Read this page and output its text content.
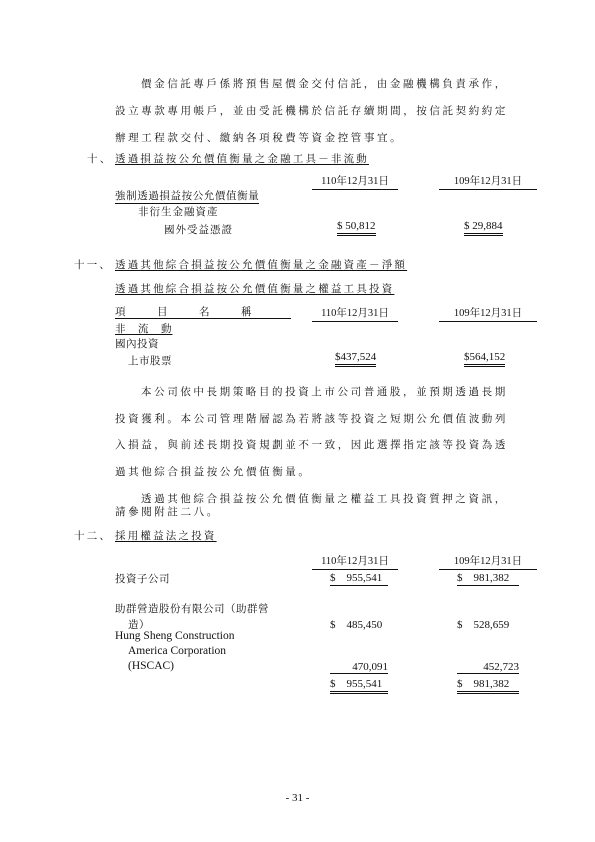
價金信託專戶係將預售屋價金交付信託，由金融機構負責承作，
設立專款專用帳戶，並由受託機構於信託存續期間，按信託契約約定
辦理工程款交付、繳納各項稅費等資金控管事宜。
十、 透過損益按公允價值衡量之金融工具－非流動
110年12月31日	109年12月31日
強制透過損益按公允價值衡量
非衍生金融資產
國外受益憑證	$ 50,812	$ 29,884
十一、 透過其他綜合損益按公允價值衡量之金融資產－淨額
透過其他綜合損益按公允價值衡量之權益工具投資
項　　　目　　　名　　　稱	110年12月31日	109年12月31日
非　流　動
國內投資
上市股票	$437,524	$564,152
本公司依中長期策略目的投資上市公司普通股，並預期透過長期
投資獲利。本公司管理階層認為若將該等投資之短期公允價值波動列
入損益，與前述長期投資規劃並不一致，因此選擇指定該等投資為透
過其他綜合損益按公允價值衡量。
透過其他綜合損益按公允價值衡量之權益工具投資質押之資訊，
請參閱附註二八。
十二、 採用權益法之投資
110年12月31日	109年12月31日
投資子公司	$　955,541	$　981,382
助群營造股份有限公司（助群營
造）	$　485,450	$　528,659
Hung Sheng Construction
America Corporation
(HSCAC)	470,091	452,723
$　955,541	$　981,382
- 31 -
